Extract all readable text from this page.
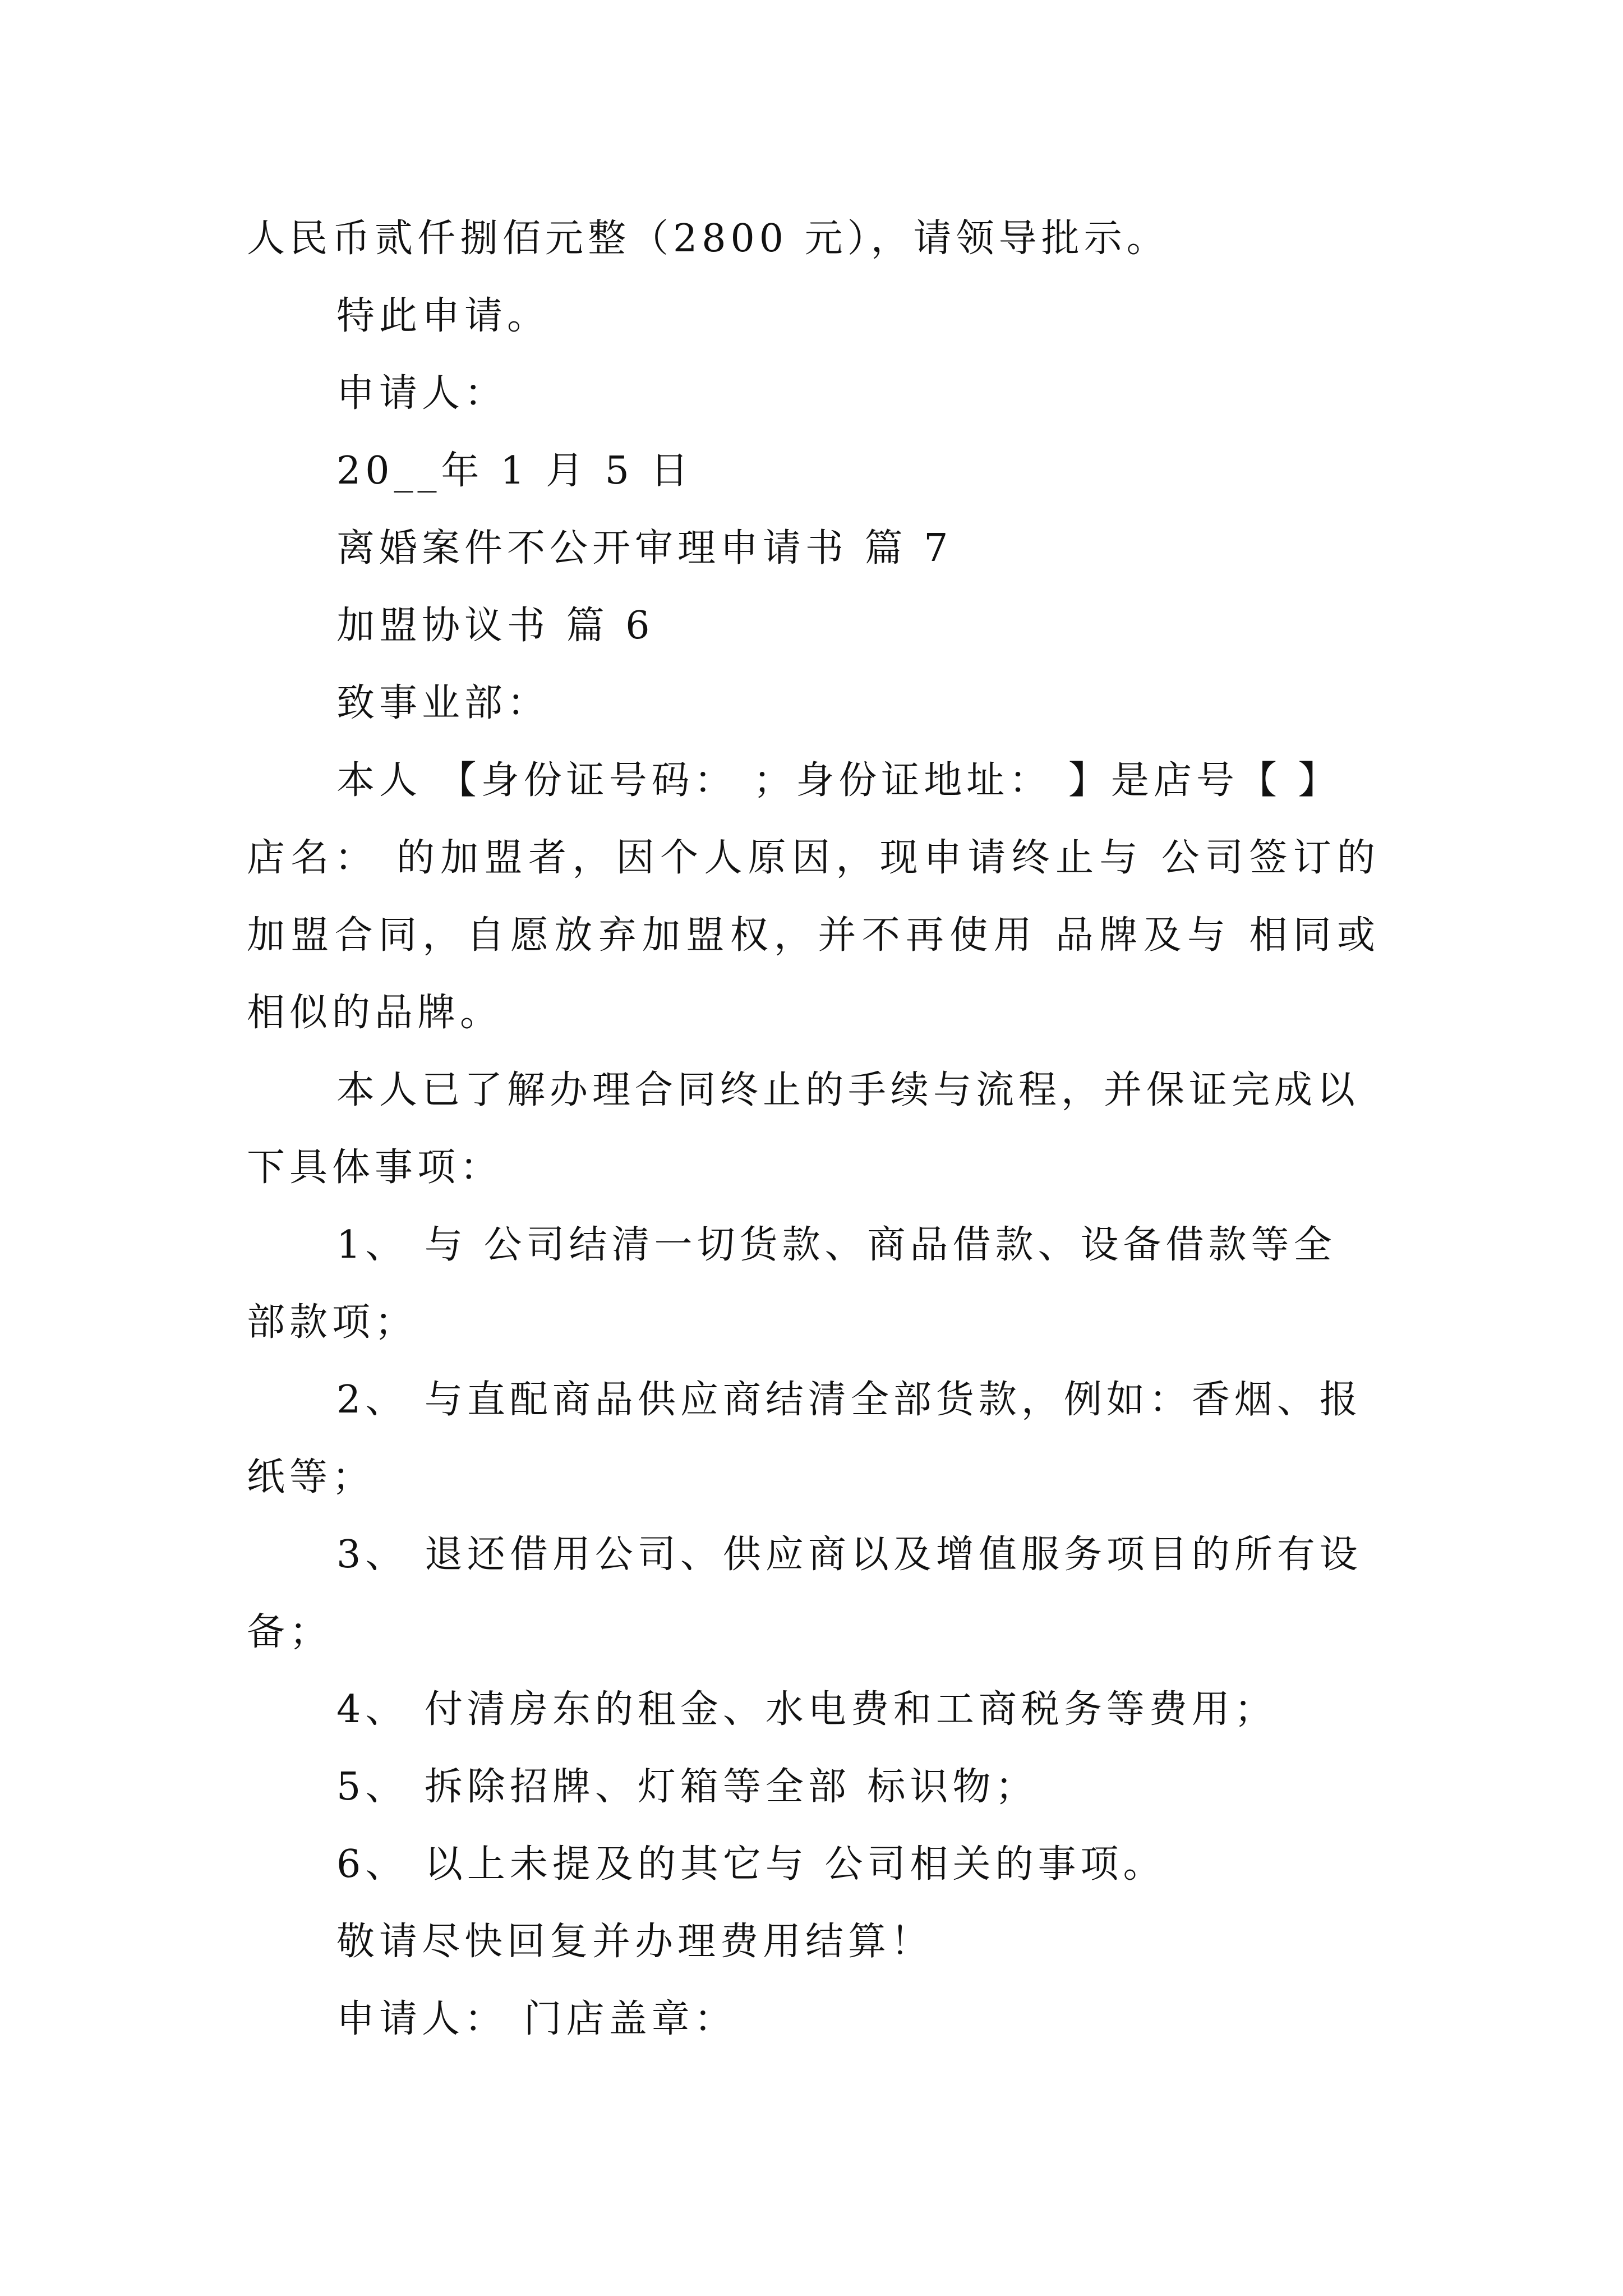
人民币贰仟捌佰元整（2800 元），请领导批示。
特此申请。
申请人：
20__年 1 月 5 日
离婚案件不公开审理申请书 篇 7
加盟协议书 篇 6
致事业部：
本人 【身份证号码： ；身份证地址： 】是店号【 】
店名： 的加盟者，因个人原因，现申请终止与 公司签订的
加盟合同，自愿放弃加盟权，并不再使用 品牌及与 相同或
相似的品牌。
本人已了解办理合同终止的手续与流程，并保证完成以
下具体事项：
1、 与 公司结清一切货款、商品借款、设备借款等全
部款项；
2、 与直配商品供应商结清全部货款，例如：香烟、报
纸等；
3、 退还借用公司、供应商以及增值服务项目的所有设
备；
4、 付清房东的租金、水电费和工商税务等费用；
5、 拆除招牌、灯箱等全部 标识物；
6、 以上未提及的其它与 公司相关的事项。
敬请尽快回复并办理费用结算！
申请人： 门店盖章：
